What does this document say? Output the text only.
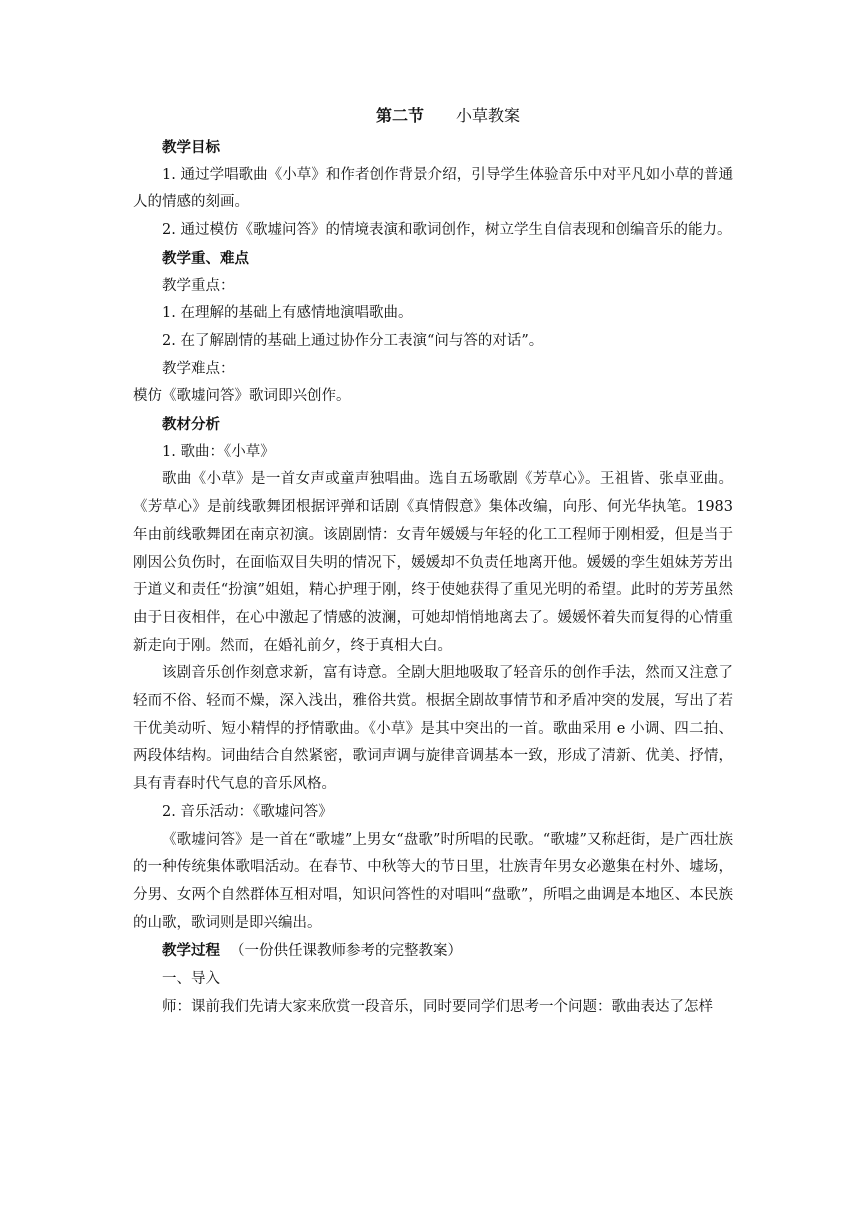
第二节 小草教案

教学目标

1. 通过学唱歌曲《小草》和作者创作背景介绍，引导学生体验音乐中对平凡如小草的普通人的情感的刻画。

2. 通过模仿《歌墟问答》的情境表演和歌词创作，树立学生自信表现和创编音乐的能力。

教学重、难点

教学重点：

1. 在理解的基础上有感情地演唱歌曲。

2. 在了解剧情的基础上通过协作分工表演“问与答的对话”。

教学难点：

模仿《歌墟问答》歌词即兴创作。

教材分析

1. 歌曲：《小草》

歌曲《小草》是一首女声或童声独唱曲。选自五场歌剧《芳草心》。王祖皆、张卓亚曲。《芳草心》是前线歌舞团根据评弹和话剧《真情假意》集体改编，向彤、何光华执笔。1983年由前线歌舞团在南京初演。该剧剧情：女青年媛媛与年轻的化工工程师于刚相爱，但是当于刚因公负伤时，在面临双目失明的情况下，媛媛却不负责任地离开他。媛媛的孪生姐妹芳芳出于道义和责任“扮演”姐姐，精心护理于刚，终于使她获得了重见光明的希望。此时的芳芳虽然由于日夜相伴，在心中激起了情感的波澜，可她却悄悄地离去了。媛媛怀着失而复得的心情重新走向于刚。然而，在婚礼前夕，终于真相大白。

该剧音乐创作刻意求新，富有诗意。全剧大胆地吸取了轻音乐的创作手法，然而又注意了轻而不俗、轻而不燥，深入浅出，雅俗共赏。根据全剧故事情节和矛盾冲突的发展，写出了若干优美动听、短小精悍的抒情歌曲。《小草》是其中突出的一首。歌曲采用 e 小调、四二拍、两段体结构。词曲结合自然紧密，歌词声调与旋律音调基本一致，形成了清新、优美、抒情，具有青春时代气息的音乐风格。

2. 音乐活动：《歌墟问答》

《歌墟问答》是一首在“歌墟”上男女“盘歌”时所唱的民歌。“歌墟”又称赶街，是广西壮族的一种传统集体歌唱活动。在春节、中秋等大的节日里，壮族青年男女必邀集在村外、墟场，分男、女两个自然群体互相对唱，知识问答性的对唱叫“盘歌”，所唱之曲调是本地区、本民族的山歌，歌词则是即兴编出。

教学过程 （一份供任课教师参考的完整教案）

一、导入

师：课前我们先请大家来欣赏一段音乐，同时要同学们思考一个问题：歌曲表达了怎样
